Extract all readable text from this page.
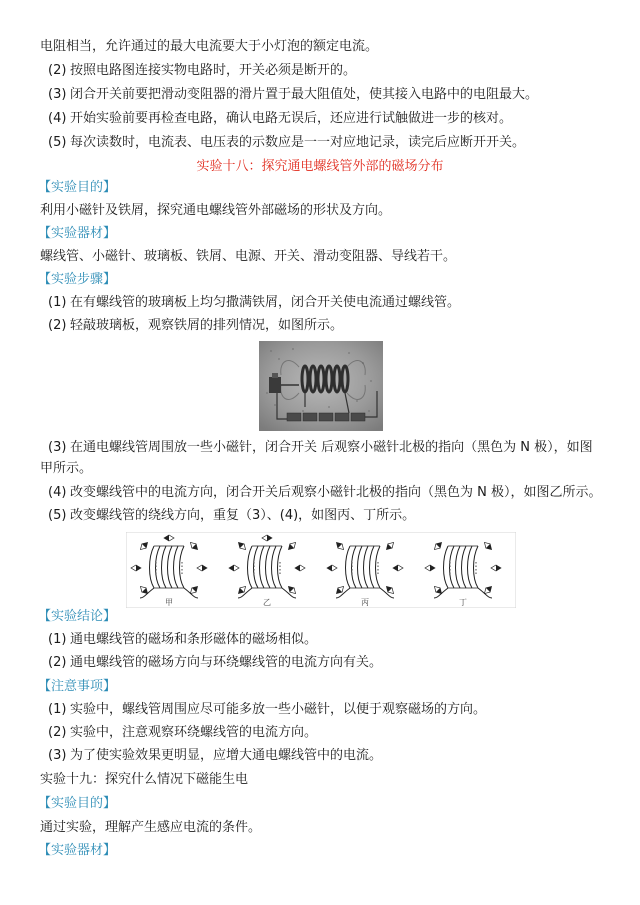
电阻相当，允许通过的最大电流要大于小灯泡的额定电流。
(2) 按照电路图连接实物电路时，开关必须是断开的。
(3) 闭合开关前要把滑动变阻器的滑片置于最大阻值处，使其接入电路中的电阻最大。
(4) 开始实验前要再检查电路，确认电路无误后，还应进行试触做进一步的核对。
(5) 每次读数时，电流表、电压表的示数应是一一对应地记录，读完后应断开开关。
实验十八：探究通电螺线管外部的磁场分布
【实验目的】
利用小磁针及铁屑，探究通电螺线管外部磁场的形状及方向。
【实验器材】
螺线管、小磁针、玻璃板、铁屑、电源、开关、滑动变阻器、导线若干。
【实验步骤】
(1) 在有螺线管的玻璃板上均匀撒满铁屑，闭合开关使电流通过螺线管。
(2) 轻敲玻璃板，观察铁屑的排列情况，如图所示。
(3) 在通电螺线管周围放一些小磁针，闭合开关 后观察小磁针北极的指向（黑色为 N 极），如图
甲所示。
(4) 改变螺线管中的电流方向，闭合开关后观察小磁针北极的指向（黑色为 N 极），如图乙所示。
(5) 改变螺线管的绕线方向，重复（3）、(4)，如图丙、丁所示。
甲	乙	丙	丁
【实验结论】
(1) 通电螺线管的磁场和条形磁体的磁场相似。
(2) 通电螺线管的磁场方向与环绕螺线管的电流方向有关。
【注意事项】
(1) 实验中，螺线管周围应尽可能多放一些小磁针，以便于观察磁场的方向。
(2) 实验中，注意观察环绕螺线管的电流方向。
(3) 为了使实验效果更明显，应增大通电螺线管中的电流。
实验十九：探究什么情况下磁能生电
【实验目的】
通过实验，理解产生感应电流的条件。
【实验器材】
